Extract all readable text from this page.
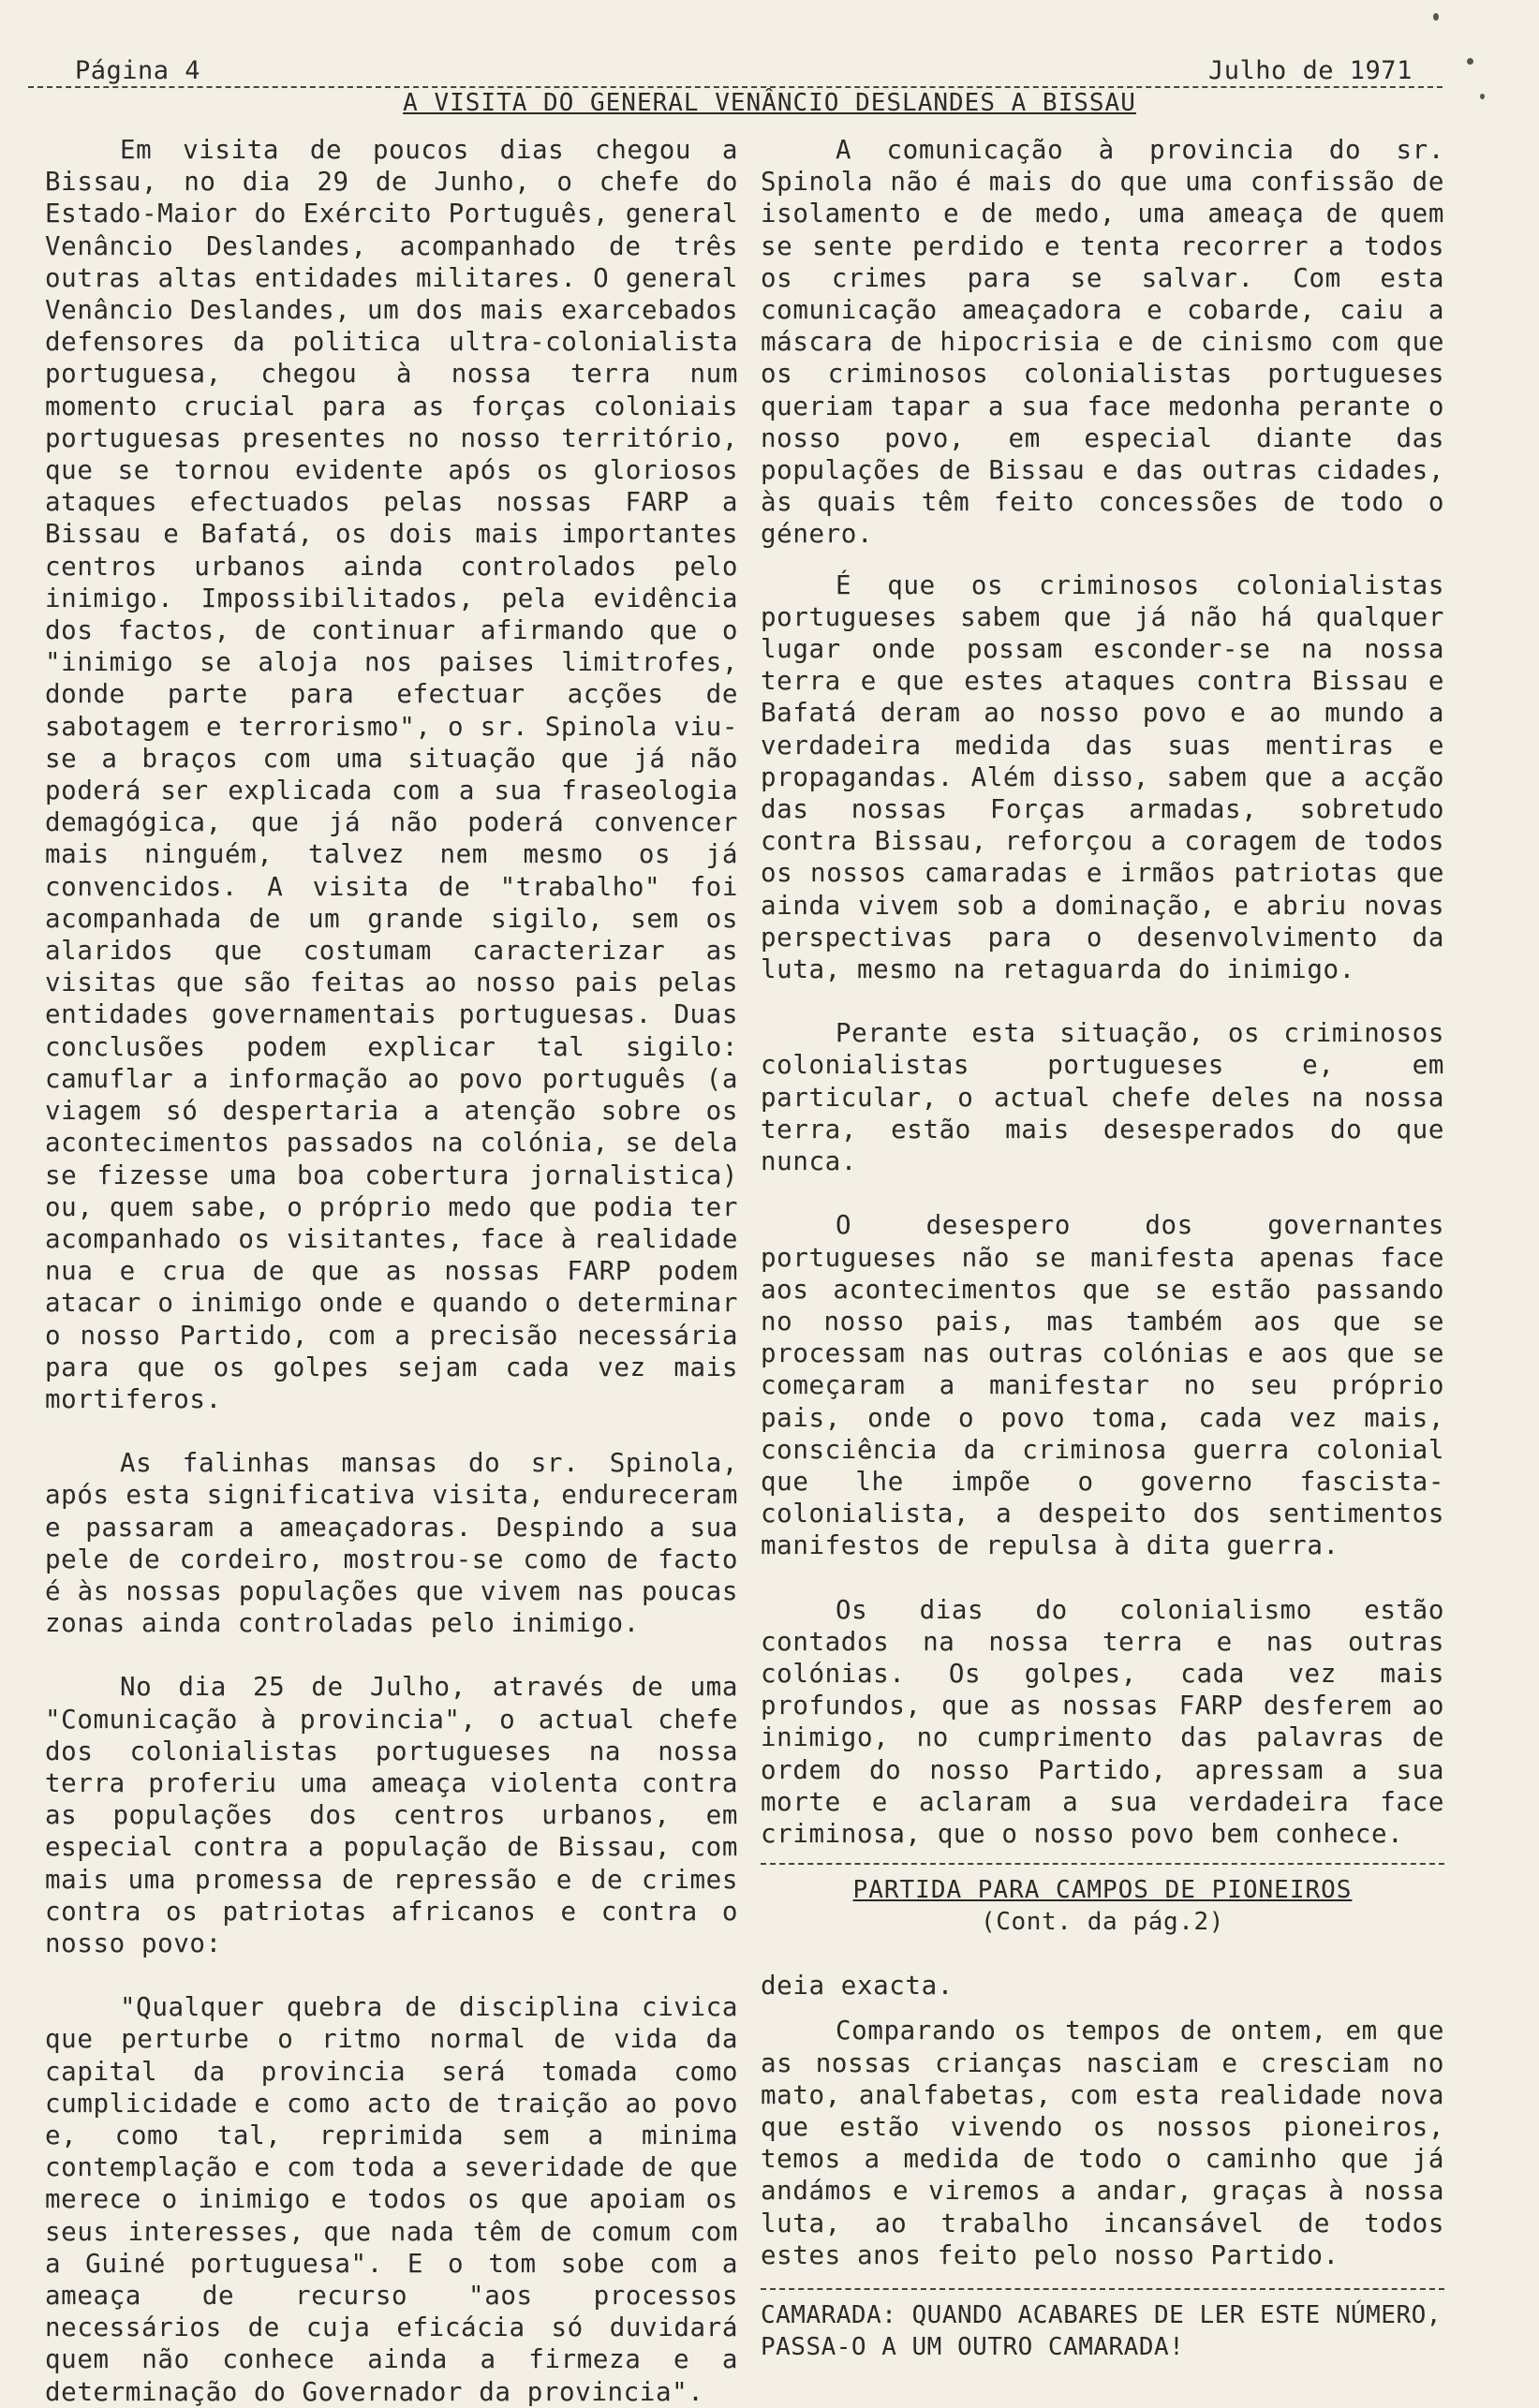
Página 4	Julho de 1971
A VISITA DO GENERAL VENÂNCIO DESLANDES A BISSAU

Em visita de poucos dias chegou a Bissau, no dia 29 de Junho, o chefe do Estado-Maior do Exército Português, general Venâncio Deslandes, acompanhado de três outras altas entidades militares. O general Venâncio Deslandes, um dos mais exarcebados defensores da politica ultra-colonialista portuguesa, chegou à nossa terra num momento crucial para as forças coloniais portuguesas presentes no nosso território, que se tornou evidente após os gloriosos ataques efectuados pelas nossas FARP a Bissau e Bafatá, os dois mais importantes centros urbanos ainda controlados pelo inimigo. Impossibilitados, pela evidência dos factos, de continuar afirmando que o "inimigo se aloja nos paises limitrofes, donde parte para efectuar acções de sabotagem e terrorismo", o sr. Spinola viu-se a braços com uma situação que já não poderá ser explicada com a sua fraseologia demagógica, que já não poderá convencer mais ninguém, talvez nem mesmo os já convencidos. A visita de "trabalho" foi acompanhada de um grande sigilo, sem os alaridos que costumam caracterizar as visitas que são feitas ao nosso pais pelas entidades governamentais portuguesas. Duas conclusões podem explicar tal sigilo: camuflar a informação ao povo português (a viagem só despertaria a atenção sobre os acontecimentos passados na colónia, se dela se fizesse uma boa cobertura jornalistica) ou, quem sabe, o próprio medo que podia ter acompanhado os visitantes, face à realidade nua e crua de que as nossas FARP podem atacar o inimigo onde e quando o determinar o nosso Partido, com a precisão necessária para que os golpes sejam cada vez mais mortiferos.

As falinhas mansas do sr. Spinola, após esta significativa visita, endureceram e passaram a ameaçadoras. Despindo a sua pele de cordeiro, mostrou-se como de facto é às nossas populações que vivem nas poucas zonas ainda controladas pelo inimigo.

No dia 25 de Julho, através de uma "Comunicação à provincia", o actual chefe dos colonialistas portugueses na nossa terra proferiu uma ameaça violenta contra as populações dos centros urbanos, em especial contra a população de Bissau, com mais uma promessa de repressão e de crimes contra os patriotas africanos e contra o nosso povo:

"Qualquer quebra de disciplina civica que perturbe o ritmo normal de vida da capital da provincia será tomada como cumplicidade e como acto de traição ao povo e, como tal, reprimida sem a minima contemplação e com toda a severidade de que merece o inimigo e todos os que apoiam os seus interesses, que nada têm de comum com a Guiné portuguesa". E o tom sobe com a ameaça de recurso "aos processos necessários de cuja eficácia só duvidará quem não conhece ainda a firmeza e a determinação do Governador da provincia".

A comunicação à provincia do sr. Spinola não é mais do que uma confissão de isolamento e de medo, uma ameaça de quem se sente perdido e tenta recorrer a todos os crimes para se salvar. Com esta comunicação ameaçadora e cobarde, caiu a máscara de hipocrisia e de cinismo com que os criminosos colonialistas portugueses queriam tapar a sua face medonha perante o nosso povo, em especial diante das populações de Bissau e das outras cidades, às quais têm feito concessões de todo o género.

É que os criminosos colonialistas portugueses sabem que já não há qualquer lugar onde possam esconder-se na nossa terra e que estes ataques contra Bissau e Bafatá deram ao nosso povo e ao mundo a verdadeira medida das suas mentiras e propagandas. Além disso, sabem que a acção das nossas Forças armadas, sobretudo contra Bissau, reforçou a coragem de todos os nossos camaradas e irmãos patriotas que ainda vivem sob a dominação, e abriu novas perspectivas para o desenvolvimento da luta, mesmo na retaguarda do inimigo.

Perante esta situação, os criminosos colonialistas portugueses e, em particular, o actual chefe deles na nossa terra, estão mais desesperados do que nunca.

O desespero dos governantes portugueses não se manifesta apenas face aos acontecimentos que se estão passando no nosso pais, mas também aos que se processam nas outras colónias e aos que se começaram a manifestar no seu próprio pais, onde o povo toma, cada vez mais, consciência da criminosa guerra colonial que lhe impõe o governo fascista-colonialista, a despeito dos sentimentos manifestos de repulsa à dita guerra.

Os dias do colonialismo estão contados na nossa terra e nas outras colónias. Os golpes, cada vez mais profundos, que as nossas FARP desferem ao inimigo, no cumprimento das palavras de ordem do nosso Partido, apressam a sua morte e aclaram a sua verdadeira face criminosa, que o nosso povo bem conhece.

PARTIDA PARA CAMPOS DE PIONEIROS
(Cont. da pág.2)

deia exacta.

Comparando os tempos de ontem, em que as nossas crianças nasciam e cresciam no mato, analfabetas, com esta realidade nova que estão vivendo os nossos pioneiros, temos a medida de todo o caminho que já andámos e viremos a andar, graças à nossa luta, ao trabalho incansável de todos estes anos feito pelo nosso Partido.

CAMARADA: QUANDO ACABARES DE LER ESTE NÚMERO,
PASSA-O A UM OUTRO CAMARADA!
